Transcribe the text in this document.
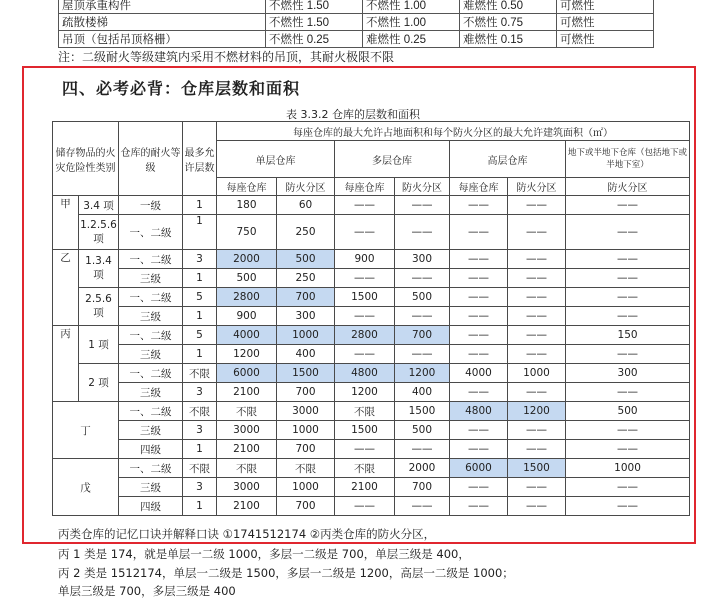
屋顶承重构件	不燃性 1.50	不燃性 1.00	难燃性 0.50	可燃性
疏散楼梯	不燃性 1.50	不燃性 1.00	不燃性 0.75	可燃性
吊顶（包括吊顶格栅）	不燃性 0.25	难燃性 0.25	难燃性 0.15	可燃性
注：二级耐火等级建筑内采用不燃材料的吊顶，其耐火极限不限
四、必考必背：仓库层数和面积
表 3.3.2 仓库的层数和面积
储存物品的火灾危险性类别		仓库的耐火等级	最多允许层数	每座仓库的最大允许占地面积和每个防火分区的最大允许建筑面积（㎡）						
				单层仓库		多层仓库		高层仓库		地下或半地下仓库（包括地下或半地下室）
				每座仓库	防火分区	每座仓库	防火分区	每座仓库	防火分区	防火分区
甲	3.4 项	一级	1	180	60	——	——	——	——	——
	1.2.5.6 项	一、二级	1	750	250	——	——	——	——	——
乙	1.3.4 项	一、二级	3	2000	500	900	300	——	——	——
		三级	1	500	250	——	——	——	——	——
	2.5.6 项	一、二级	5	2800	700	1500	500	——	——	——
		三级	1	900	300	——	——	——	——	——
丙	1 项	一、二级	5	4000	1000	2800	700	——	——	150
		三级	1	1200	400	——	——	——	——	——
	2 项	一、二级	不限	6000	1500	4800	1200	4000	1000	300
		三级	3	2100	700	1200	400	——	——	——
丁		一、二级	不限	不限	3000	不限	1500	4800	1200	500
		三级	3	3000	1000	1500	500	——	——	——
		四级	1	2100	700	——	——	——	——	——
戊		一、二级	不限	不限	不限	不限	2000	6000	1500	1000
		三级	3	3000	1000	2100	700	——	——	——
		四级	1	2100	700	——	——	——	——	——
丙类仓库的记忆口诀并解释口诀 ①1741512174 ②丙类仓库的防火分区，
丙 1 类是 174，就是单层一二级 1000，多层一二级是 700，单层三级是 400，
丙 2 类是 1512174，单层一二级是 1500，多层一二级是 1200，高层一二级是 1000；
单层三级是 700，多层三级是 400
